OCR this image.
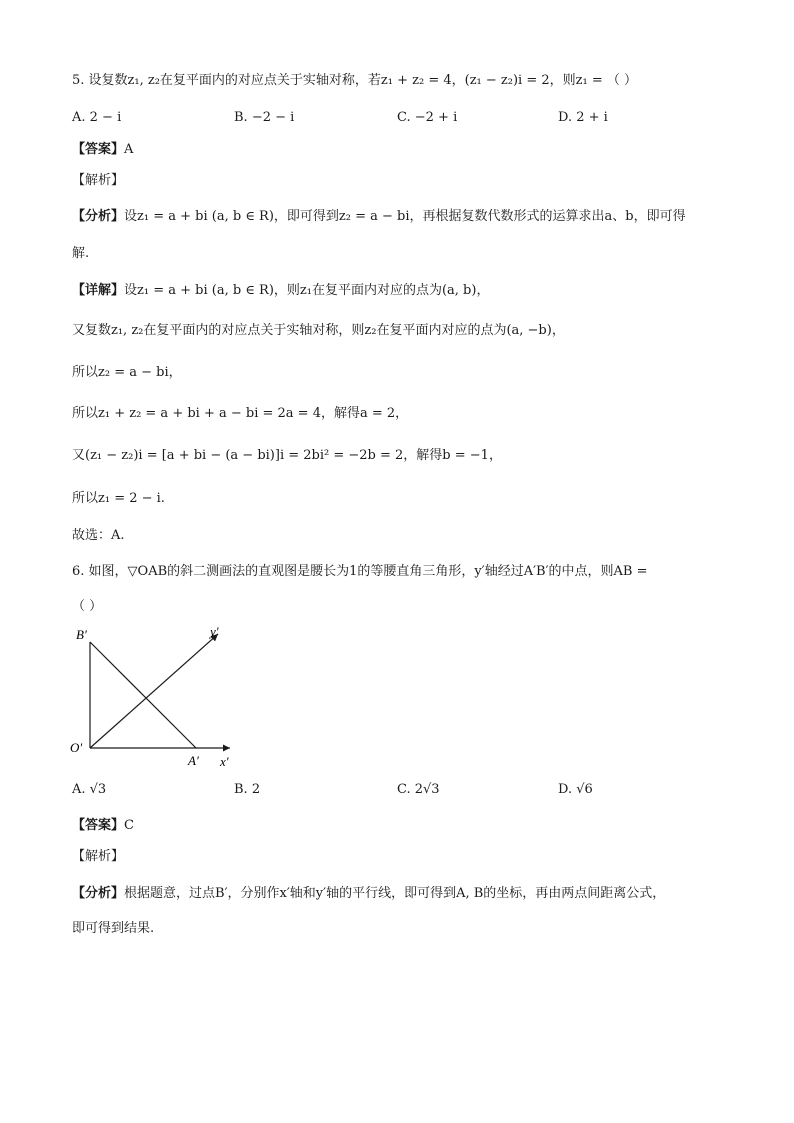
5. 设复数z₁, z₂在复平面内的对应点关于实轴对称，若z₁ + z₂ = 4，(z₁ − z₂)i = 2，则z₁ = （ ）
A. 2 − i	B. −2 − i	C. −2 + i	D. 2 + i
【答案】A
【解析】
【分析】设z₁ = a + bi (a, b ∈ R)，即可得到z₂ = a − bi，再根据复数代数形式的运算求出a、b，即可得
解.
【详解】设z₁ = a + bi (a, b ∈ R)，则z₁在复平面内对应的点为(a, b)，
又复数z₁, z₂在复平面内的对应点关于实轴对称，则z₂在复平面内对应的点为(a, −b)，
所以z₂ = a − bi，
所以z₁ + z₂ = a + bi + a − bi = 2a = 4，解得a = 2，
又(z₁ − z₂)i = [a + bi − (a − bi)]i = 2bi² = −2b = 2，解得b = −1，
所以z₁ = 2 − i.
故选：A.
6. 如图，▽OAB的斜二测画法的直观图是腰长为1的等腰直角三角形，y′轴经过A′B′的中点，则AB =
（ ）
B′
O′
A′ x′
y′
A. √3	B. 2	C. 2√3	D. √6
【答案】C
【解析】
【分析】根据题意，过点B′，分别作x′轴和y′轴的平行线，即可得到A, B的坐标，再由两点间距离公式，
即可得到结果.
